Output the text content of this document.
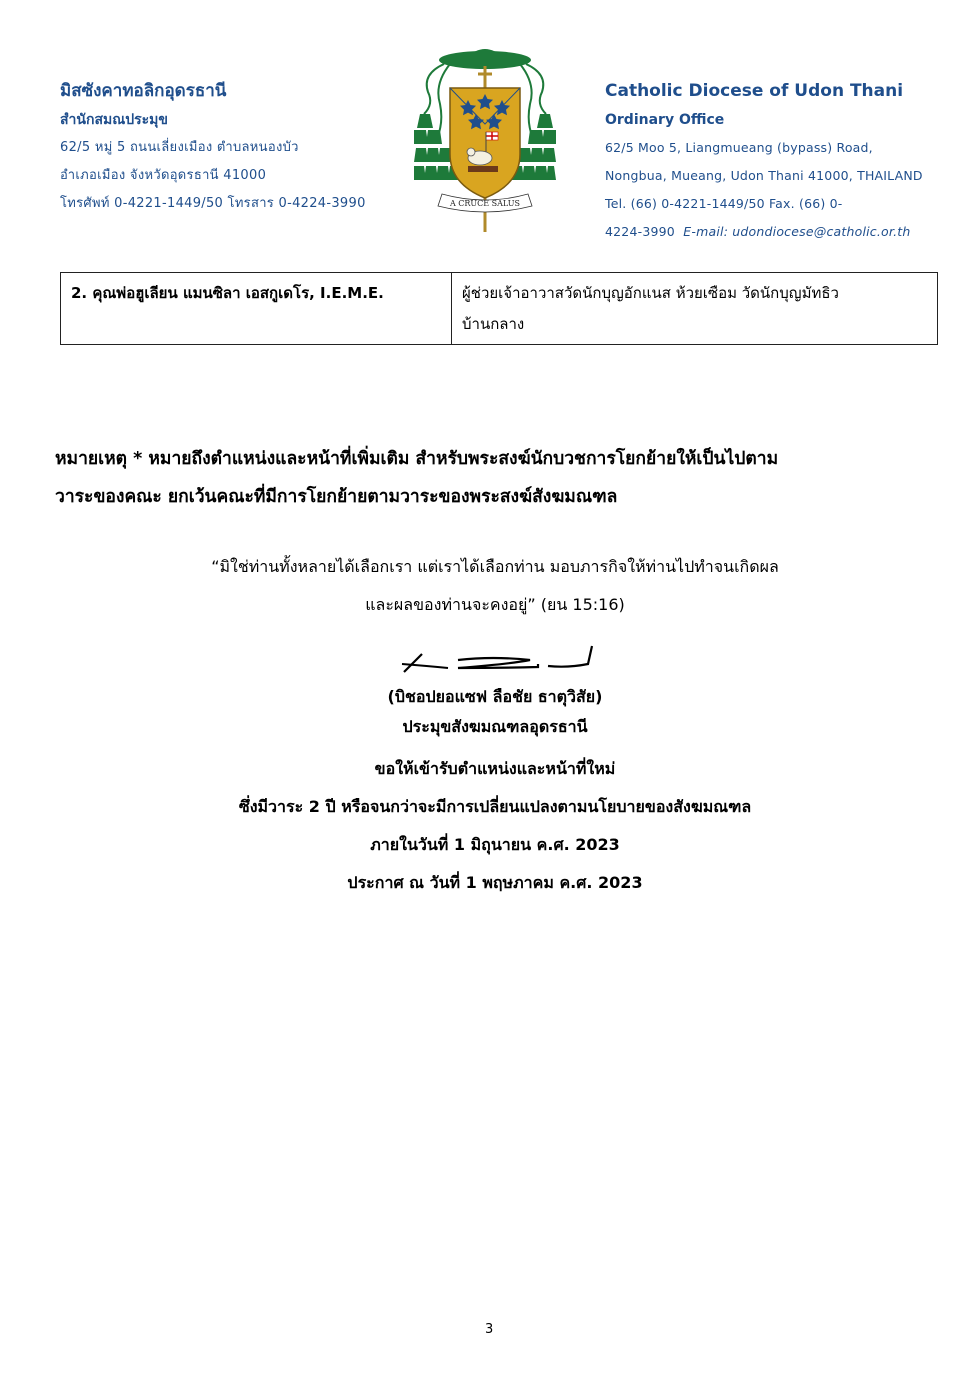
มิสซังคาทอลิกอุดรธานี
สำนักสมณประมุข
62/5 หมู่ 5 ถนนเลี่ยงเมือง ตำบลหนองบัว
อำเภอเมือง จังหวัดอุดรธานี 41000
โทรศัพท์ 0-4221-1449/50 โทรสาร 0-4224-3990	A CRUCE SALUS
Catholic Diocese of Udon Thani
Ordinary Office
62/5 Moo 5, Liangmueang (bypass) Road,
Nongbua, Mueang, Udon Thani 41000, THAILAND
Tel. (66) 0-4221-1449/50 Fax. (66) 0-
4224-3990 E-mail: udondiocese@catholic.or.th
2. คุณพ่อฮูเลียน แมนซิลา เอสกูเดโร, I.E.M.E.	ผู้ช่วยเจ้าอาวาสวัดนักบุญอักแนส ห้วยเซือม วัดนักบุญมัทธิว
บ้านกลาง
หมายเหตุ * หมายถึงตำแหน่งและหน้าที่เพิ่มเติม สำหรับพระสงฆ์นักบวชการโยกย้ายให้เป็นไปตาม
วาระของคณะ ยกเว้นคณะที่มีการโยกย้ายตามวาระของพระสงฆ์สังฆมณฑล
“มิใช่ท่านทั้งหลายได้เลือกเรา แต่เราได้เลือกท่าน มอบภารกิจให้ท่านไปทำจนเกิดผล
และผลของท่านจะคงอยู่” (ยน 15:16)
(บิชอปยอแซฟ ลือชัย ธาตุวิสัย)
ประมุขสังฆมณฑลอุดรธานี
ขอให้เข้ารับตำแหน่งและหน้าที่ใหม่
ซึ่งมีวาระ 2 ปี หรือจนกว่าจะมีการเปลี่ยนแปลงตามนโยบายของสังฆมณฑล
ภายในวันที่ 1 มิถุนายน ค.ศ. 2023
ประกาศ ณ วันที่ 1 พฤษภาคม ค.ศ. 2023
3
